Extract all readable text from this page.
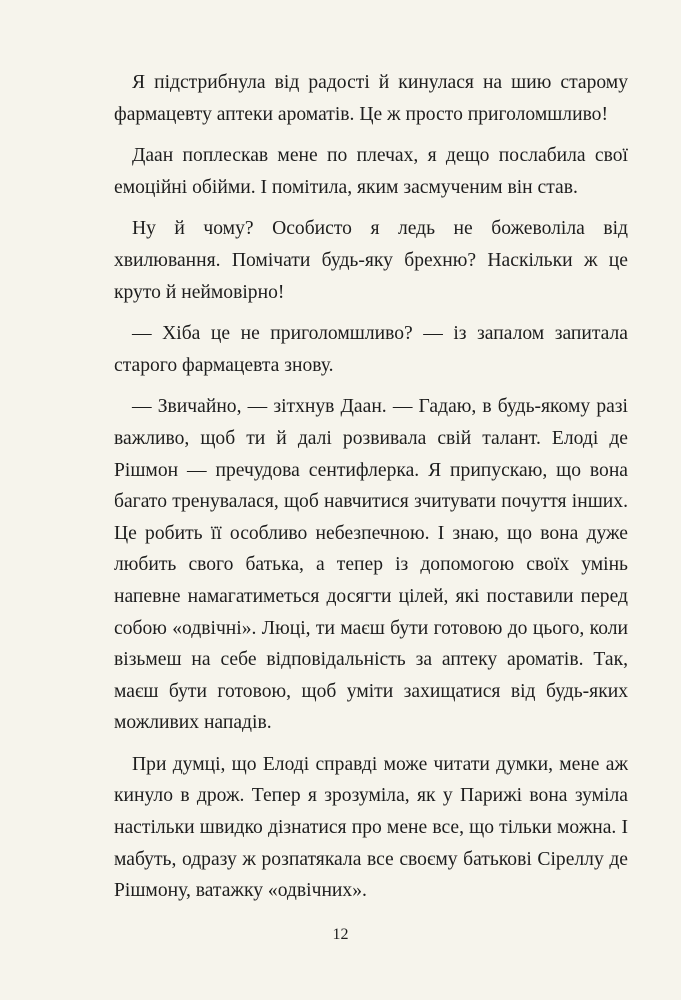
Я підстрибнула від радості й кинулася на шию старому фармацевту аптеки ароматів. Це ж просто приголомшливо!

Даан поплескав мене по плечах, я дещо послабила свої емоційні обійми. І помітила, яким засмученим він став.

Ну й чому? Особисто я ледь не божеволіла від хвилювання. Помічати будь-яку брехню? Наскільки ж це круто й неймовірно!

— Хіба це не приголомшливо? — із запалом запитала старого фармацевта знову.

— Звичайно, — зітхнув Даан. — Гадаю, в будь-якому разі важливо, щоб ти й далі розвивала свій талант. Елоді де Рішмон — пречудова сентифлерка. Я припускаю, що вона багато тренувалася, щоб навчитися зчитувати почуття інших. Це робить її особливо небезпечною. І знаю, що вона дуже любить свого батька, а тепер із допомогою своїх умінь напевне намагатиметься досягти цілей, які поставили перед собою «одвічні». Люці, ти маєш бути готовою до цього, коли візьмеш на себе відповідальність за аптеку ароматів. Так, маєш бути готовою, щоб уміти захищатися від будь-яких можливих нападів.

При думці, що Елоді справді може читати думки, мене аж кинуло в дрож. Тепер я зрозуміла, як у Парижі вона зуміла настільки швидко дізнатися про мене все, що тільки можна. І мабуть, одразу ж розпатякала все своєму батькові Сіреллу де Рішмону, ватажку «одвічних».

12
